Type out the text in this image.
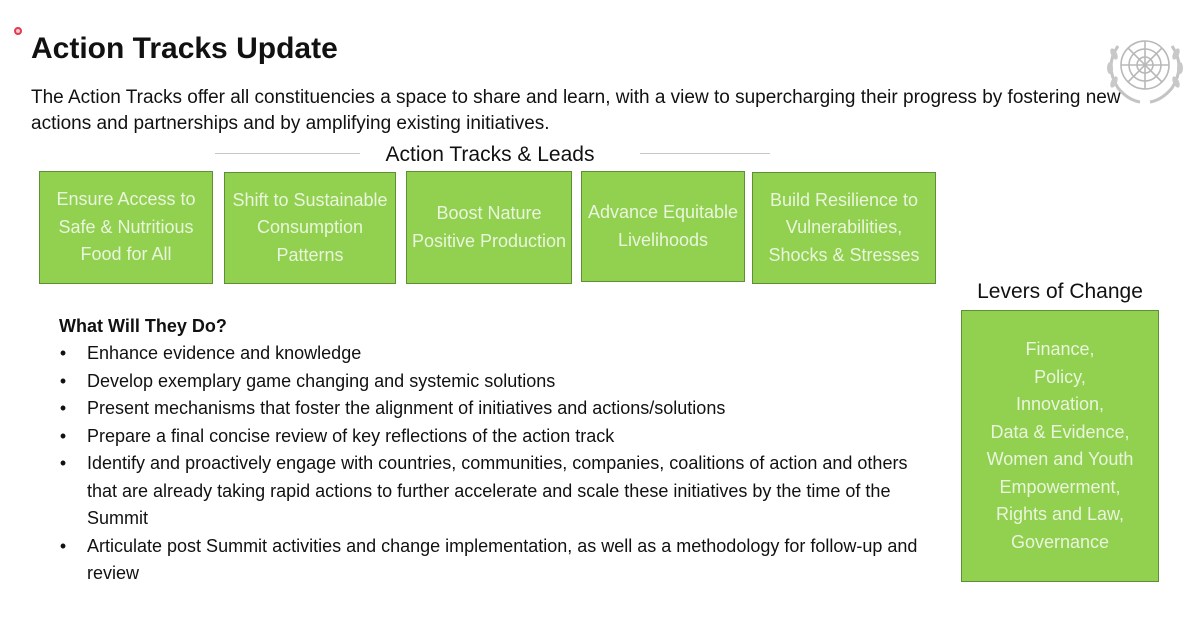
Action Tracks Update
The Action Tracks offer all constituencies a space to share and learn, with a view to supercharging their progress by fostering new actions and partnerships and by amplifying existing initiatives.
Action Tracks & Leads
Ensure Access to Safe & Nutritious Food for All
Shift to Sustainable Consumption Patterns
Boost Nature Positive Production
Advance Equitable Livelihoods
Build Resilience to Vulnerabilities, Shocks & Stresses
What Will They Do?
• Enhance evidence and knowledge
• Develop exemplary game changing and systemic solutions
• Present mechanisms that foster the alignment of initiatives and actions/solutions
• Prepare a final concise review of key reflections of the action track
• Identify and proactively engage with countries, communities, companies, coalitions of action and others that are already taking rapid actions to further accelerate and scale these initiatives by the time of the Summit
• Articulate post Summit activities and change implementation, as well as a methodology for follow-up and review
Levers of Change
Finance,
Policy,
Innovation,
Data & Evidence,
Women and Youth Empowerment,
Rights and Law,
Governance
